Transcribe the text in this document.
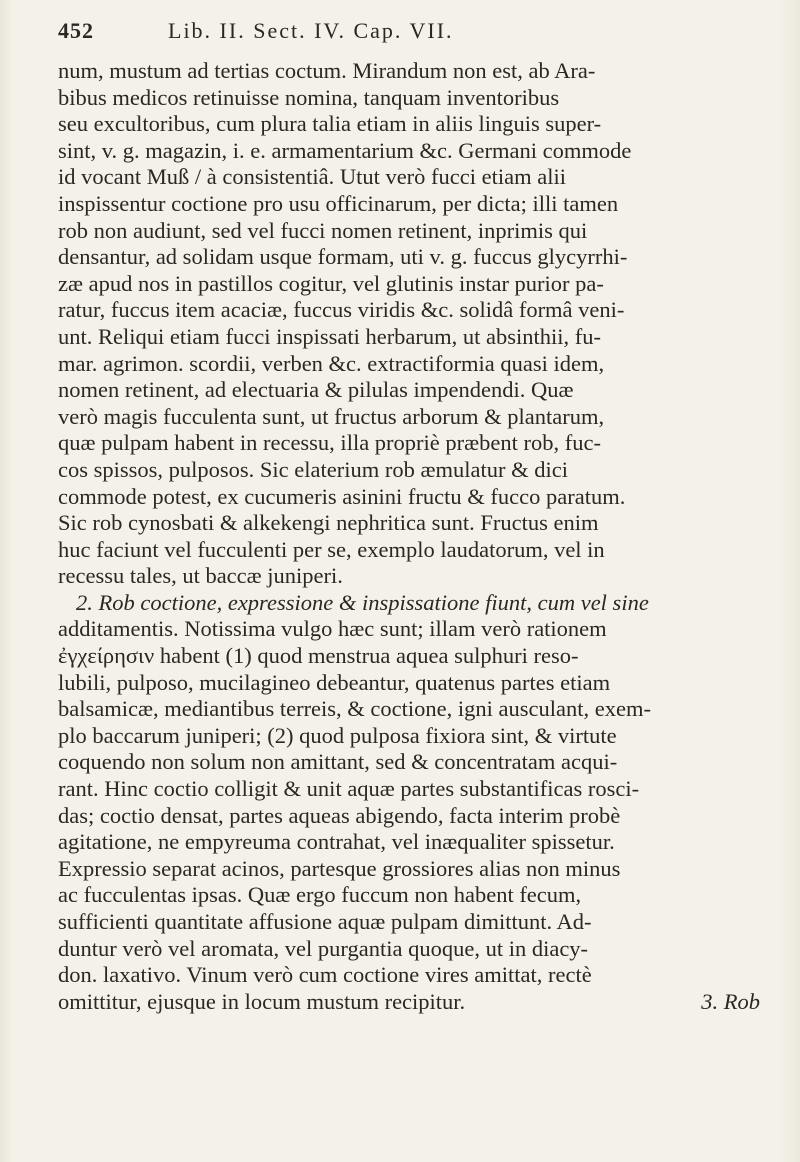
452	Lib. II. Sect. IV. Cap. VII.
num, mustum ad tertias coctum. Mirandum non est, ab Ara-
bibus medicos retinuisse nomina, tanquam inventoribus
seu excultoribus, cum plura talia etiam in aliis linguis super-
sint, v. g. magazin, i. e. armamentarium &c. Germani commode
id vocant Muß / à consistentiâ. Utut verò fucci etiam alii
inspissentur coctione pro usu officinarum, per dicta; illi tamen
rob non audiunt, sed vel fucci nomen retinent, inprimis qui
densantur, ad solidam usque formam, uti v. g. fuccus glycyrrhi-
zæ apud nos in pastillos cogitur, vel glutinis instar purior pa-
ratur, fuccus item acaciæ, fuccus viridis &c. solidâ formâ veni-
unt. Reliqui etiam fucci inspissati herbarum, ut absinthii, fu-
mar. agrimon. scordii, verben &c. extractiformia quasi idem,
nomen retinent, ad electuaria & pilulas impendendi. Quæ
verò magis fucculenta sunt, ut fructus arborum & plantarum,
quæ pulpam habent in recessu, illa propriè præbent rob, fuc-
cos spissos, pulposos. Sic elaterium rob æmulatur & dici
commode potest, ex cucumeris asinini fructu & fucco paratum.
Sic rob cynosbati & alkekengi nephritica sunt. Fructus enim
huc faciunt vel fucculenti per se, exemplo laudatorum, vel in
recessu tales, ut baccæ juniperi.
2. Rob coctione, expressione & inspissatione fiunt, cum vel sine
additamentis. Notissima vulgo hæc sunt; illam verò rationem
ἐγχείρησιν habent (1) quod menstrua aquea sulphuri reso-
lubili, pulposo, mucilagineo debeantur, quatenus partes etiam
balsamicæ, mediantibus terreis, & coctione, igni ausculant, exem-
plo baccarum juniperi; (2) quod pulposa fixiora sint, & virtute
coquendo non solum non amittant, sed & concentratam acqui-
rant. Hinc coctio colligit & unit aquæ partes substantificas rosci-
das; coctio densat, partes aqueas abigendo, facta interim probè
agitatione, ne empyreuma contrahat, vel inæqualiter spissetur.
Expressio separat acinos, partesque grossiores alias non minus
ac fucculentas ipsas. Quæ ergo fuccum non habent fecum,
sufficienti quantitate affusione aquæ pulpam dimittunt. Ad-
duntur verò vel aromata, vel purgantia quoque, ut in diacy-
don. laxativo. Vinum verò cum coctione vires amittat, rectè
omittitur, ejusque in locum mustum recipitur.	3. Rob
